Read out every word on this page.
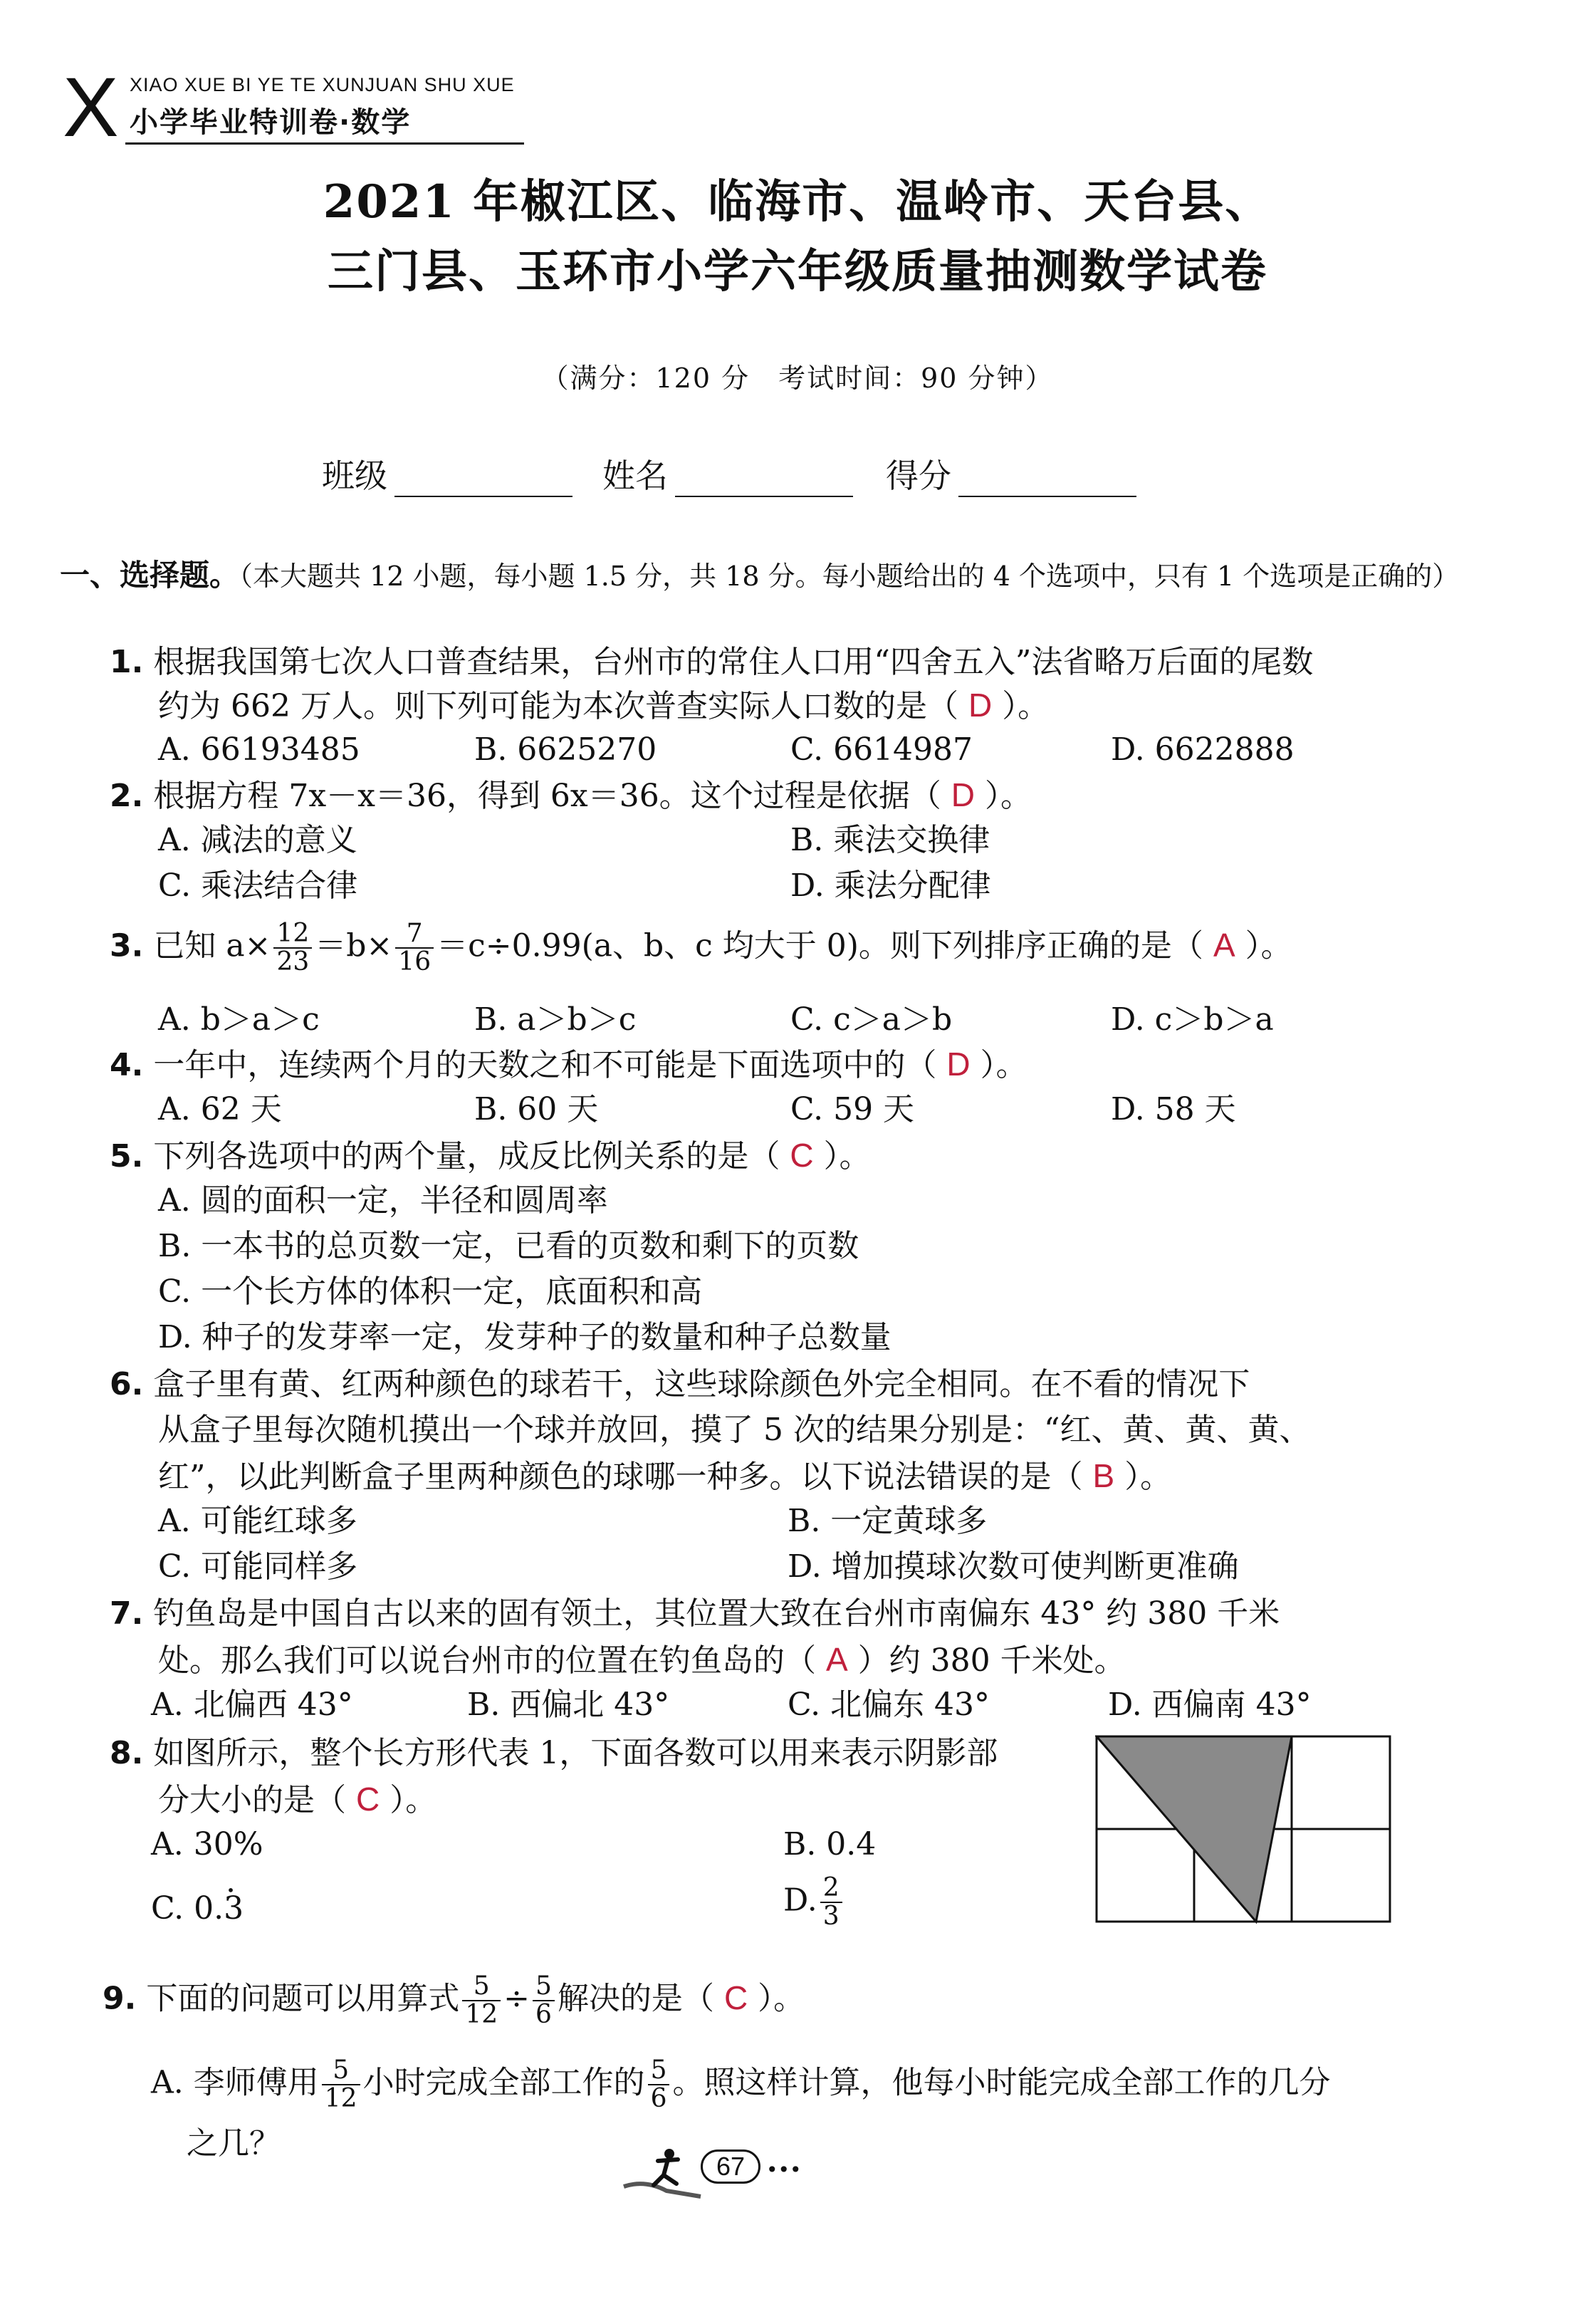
X XIAO XUE BI YE TE XUNJUAN SHU XUE
小学毕业特训卷·数学
2021 年椒江区、临海市、温岭市、天台县、
三门县、玉环市小学六年级质量抽测数学试卷
（满分：120 分　考试时间：90 分钟）
班级	姓名	得分
一、选择题。（本大题共 12 小题，每小题 1.5 分，共 18 分。每小题给出的 4 个选项中，只有 1 个选项是正确的）
1. 根据我国第七次人口普查结果，台州市的常住人口用“四舍五入”法省略万后面的尾数
约为 662 万人。则下列可能为本次普查实际人口数的是（ D ）。
A. 66193485	B. 6625270	C. 6614987	D. 6622888
2. 根据方程 7x－x＝36，得到 6x＝36。这个过程是依据（ D ）。
A. 减法的意义	B. 乘法交换律
C. 乘法结合律	D. 乘法分配律
3. 已知 $a\times \frac{12}{23} =b\times \frac{7}{16} =c\div 0.99(a$、b、c 均大于 0)。则下列排序正确的是（ A ）。
A. b＞a＞c	B. a＞b＞c	C. c＞a＞b	D. c＞b＞a
4. 一年中，连续两个月的天数之和不可能是下面选项中的（ D ）。
A. 62 天	B. 60 天	C. 59 天	D. 58 天
5. 下列各选项中的两个量，成反比例关系的是（ C ）。
A. 圆的面积一定，半径和圆周率
B. 一本书的总页数一定，已看的页数和剩下的页数
C. 一个长方体的体积一定，底面积和高
D. 种子的发芽率一定，发芽种子的数量和种子总数量
6. 盒子里有黄、红两种颜色的球若干，这些球除颜色外完全相同。在不看的情况下
从盒子里每次随机摸出一个球并放回，摸了 5 次的结果分别是：“红、黄、黄、黄、
红”，以此判断盒子里两种颜色的球哪一种多。以下说法错误的是（ B ）。
A. 可能红球多	B. 一定黄球多
C. 可能同样多	D. 增加摸球次数可使判断更准确
7. 钓鱼岛是中国自古以来的固有领土，其位置大致在台州市南偏东 43° 约 380 千米
处。那么我们可以说台州市的位置在钓鱼岛的（ A ）约 380 千米处。
A. 北偏西 43°	B. 西偏北 43°	C. 北偏东 43°	D. 西偏南 43°
8. 如图所示，整个长方形代表 1，下面各数可以用来表示阴影部
分大小的是（ C ）。
A. 30%	B. 0.4
C. 0.• 3	D. $\frac{2}{3}$
9. 下面的问题可以用算式 $\frac{5}{12} \div \frac{5}{6}$ 解决的是（ C ）。
A. 李师傅用 $\frac{5}{12}$ 小时完成全部工作的 $\frac{5}{6}$ 。照这样计算，他每小时能完成全部工作的几分
之几？
67	•••
